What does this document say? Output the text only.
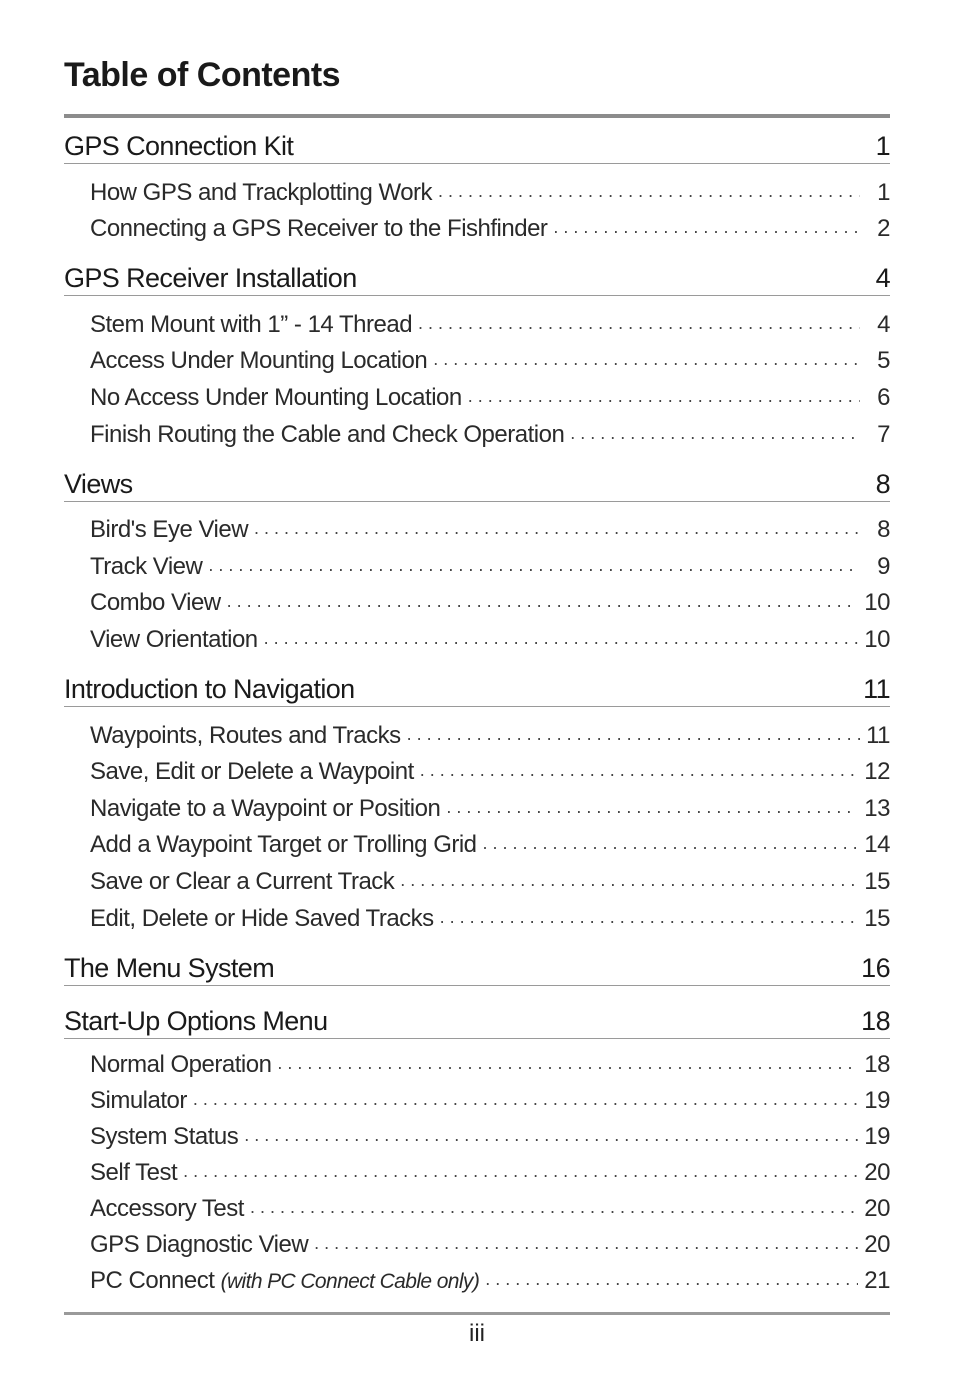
Table of Contents
GPS Connection Kit	1
How GPS and Trackplotting Work .....	1
Connecting a GPS Receiver to the Fishfinder .....	2
GPS Receiver Installation	4
Stem Mount with 1” - 14 Thread .....	4
Access Under Mounting Location .....	5
No Access Under Mounting Location .....	6
Finish Routing the Cable and Check Operation .....	7
Views	8
Bird's Eye View .....	8
Track View .....	9
Combo View .....	10
View Orientation .....	10
Introduction to Navigation	11
Waypoints, Routes and Tracks .....	11
Save, Edit or Delete a Waypoint .....	12
Navigate to a Waypoint or Position .....	13
Add a Waypoint Target or Trolling Grid .....	14
Save or Clear a Current Track .....	15
Edit, Delete or Hide Saved Tracks .....	15
The Menu System	16
Start-Up Options Menu	18
Normal Operation .....	18
Simulator .....	19
System Status .....	19
Self Test .....	20
Accessory Test .....	20
GPS Diagnostic View .....	20
PC Connect (with PC Connect Cable only) .....	21
iii
